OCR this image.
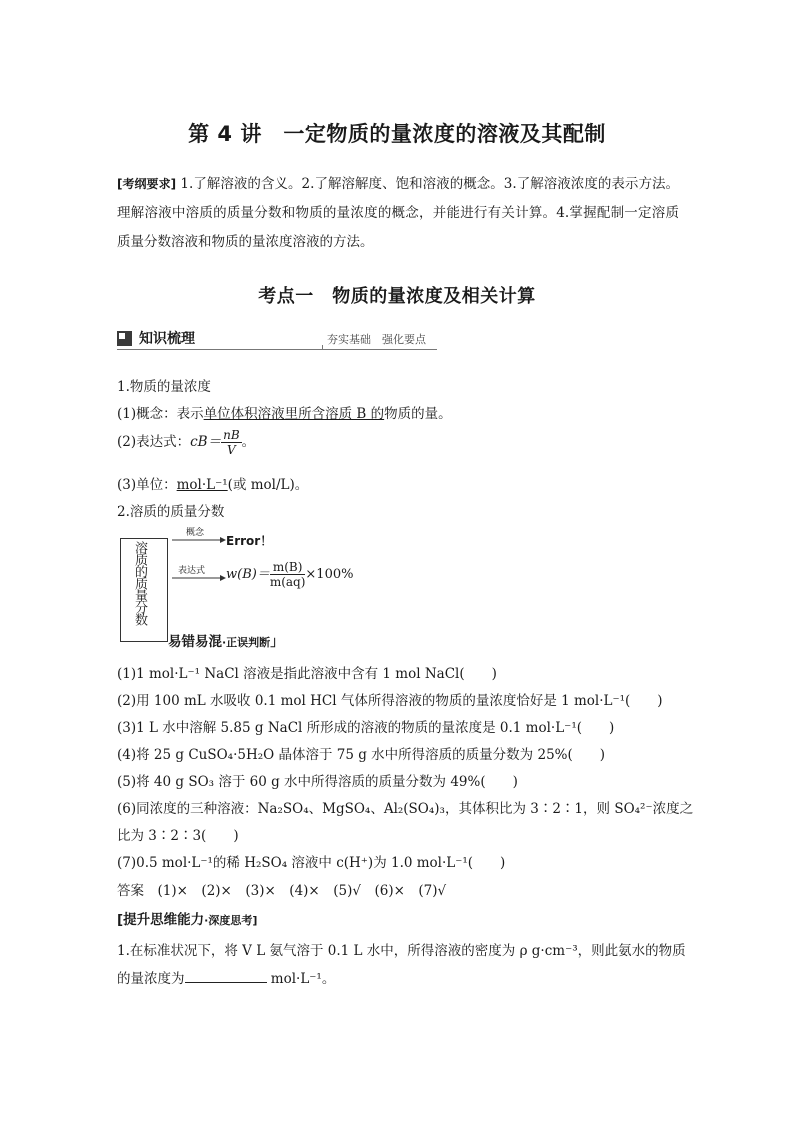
第 4 讲　一定物质的量浓度的溶液及其配制
[考纲要求] 1.了解溶液的含义。2.了解溶解度、饱和溶液的概念。3.了解溶液浓度的表示方法。理解溶液中溶质的质量分数和物质的量浓度的概念，并能进行有关计算。4.掌握配制一定溶质质量分数溶液和物质的量浓度溶液的方法。
考点一　物质的量浓度及相关计算
知识梳理	夯实基础　强化要点
1.物质的量浓度
(1)概念：表示单位体积溶液里所含溶质 B 的物质的量。
(2)表达式：$cB= \frac{nB}{V}$ 。
(3)单位：mol·L⁻¹(或 mol/L)。
2.溶质的质量分数
溶质的质量分数
概念
Error！
表达式 $w(B)= \frac{m(B)}{m(aq)} \times 100\%$
易错易混·正误判断」
(1)1 mol·L⁻¹ NaCl 溶液是指此溶液中含有 1 mol NaCl(　　)
(2)用 100 mL 水吸收 0.1 mol HCl 气体所得溶液的物质的量浓度恰好是 1 mol·L⁻¹(　　)
(3)1 L 水中溶解 5.85 g NaCl 所形成的溶液的物质的量浓度是 0.1 mol·L⁻¹(　　)
(4)将 25 g CuSO₄·5H₂O 晶体溶于 75 g 水中所得溶质的质量分数为 25%(　　)
(5)将 40 g SO₃ 溶于 60 g 水中所得溶质的质量分数为 49%(　　)
(6)同浓度的三种溶液：Na₂SO₄、MgSO₄、Al₂(SO₄)₃，其体积比为 3∶2∶1，则 SO₄²⁻浓度之
比为 3∶2∶3(　　)
(7)0.5 mol·L⁻¹的稀 H₂SO₄ 溶液中 c(H⁺)为 1.0 mol·L⁻¹(　　)
答案　(1)×　(2)×　(3)×　(4)×　(5)√　(6)×　(7)√
[提升思维能力·深度思考]
1.在标准状况下，将 V L 氨气溶于 0.1 L 水中，所得溶液的密度为 ρ g·cm⁻³，则此氨水的物质
的量浓度为	mol·L⁻¹。
